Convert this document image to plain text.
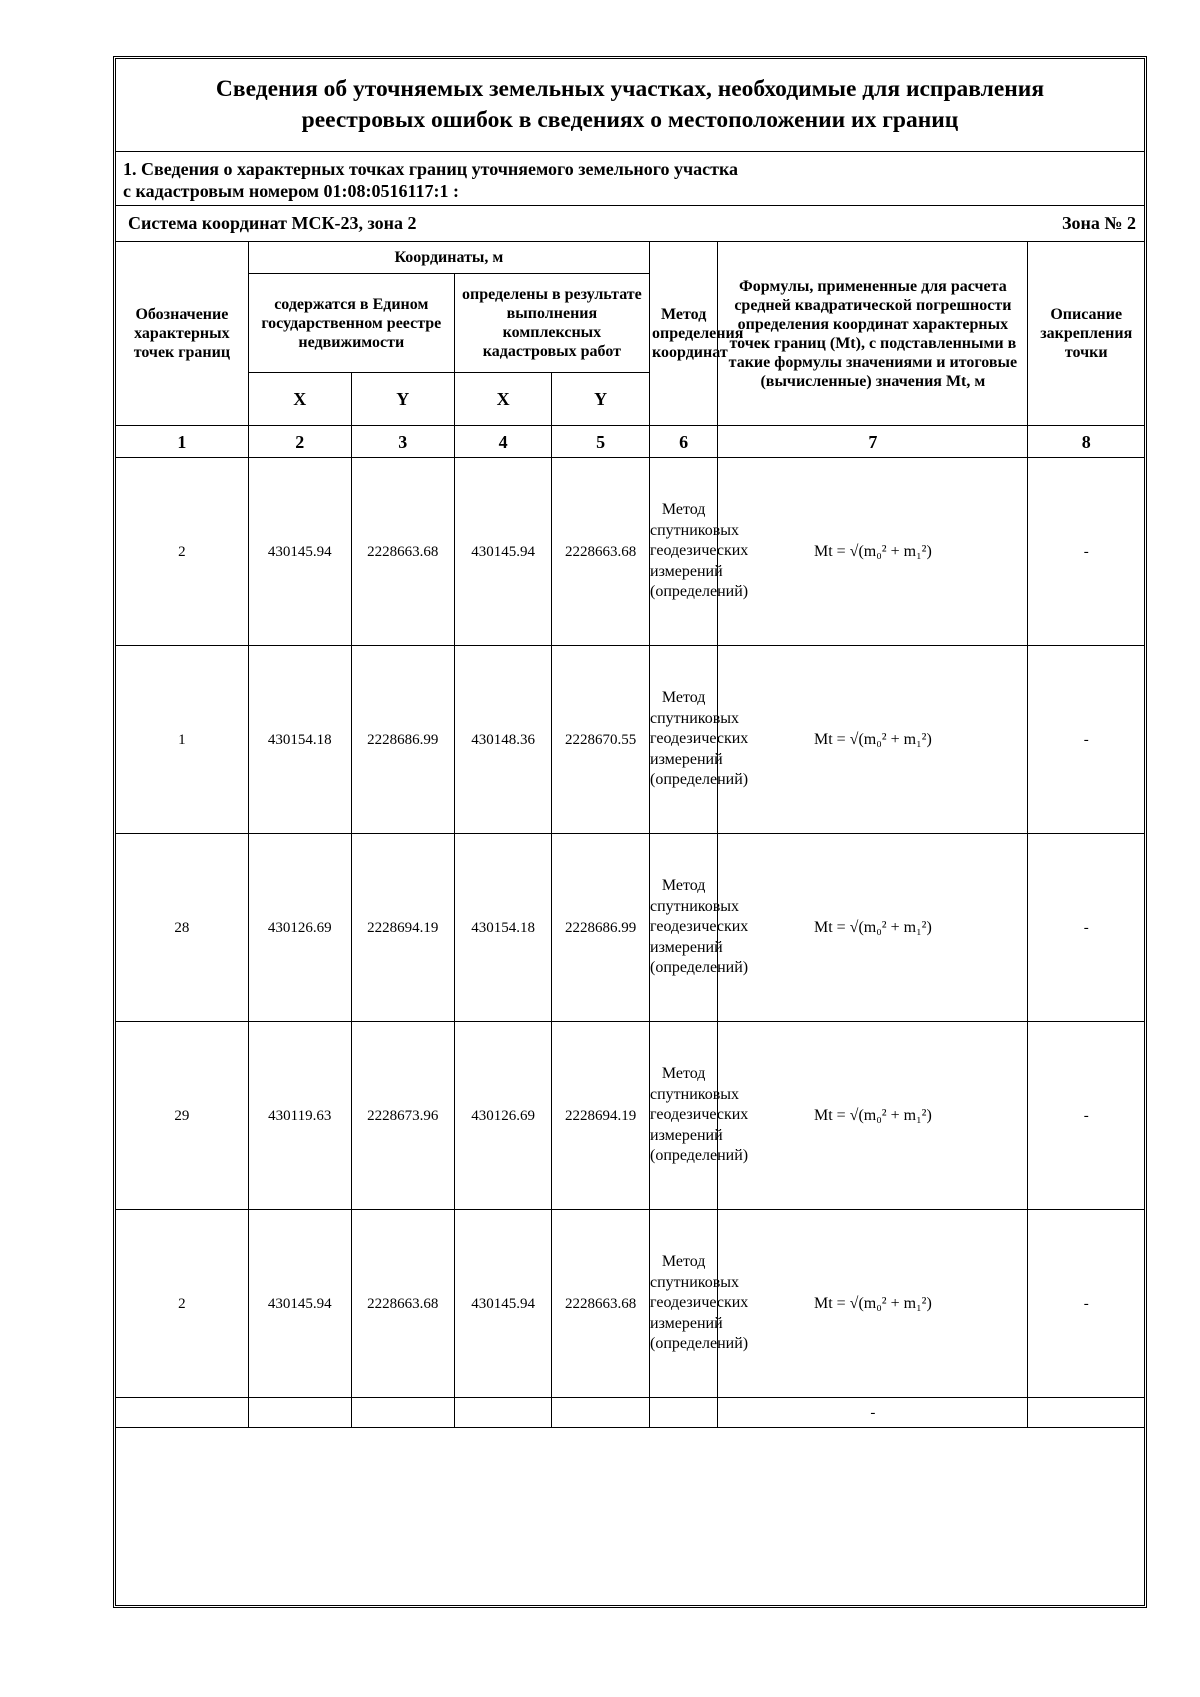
Сведения об уточняемых земельных участках, необходимые для исправления
реестровых ошибок в сведениях о местоположении их границ
1. Сведения о характерных точках границ уточняемого земельного участка
с кадастровым номером 01:08:0516117:1 :
Система координат МСК-23, зона 2	Зона № 2
Обозначение характерных точек границ	Координаты, м				Метод определения координат	Формулы, примененные для расчета средней квадратической погрешности определения координат характерных точек границ (Mt), с подставленными в такие формулы значениями и итоговые (вычисленные) значения Mt, м	Описание закрепления точки
	содержатся в Едином государственном реестре недвижимости		определены в результате выполнения комплексных кадастровых работ				
	X	Y	X	Y			
1	2	3	4	5	6	7	8
2	430145.94	2228663.68	430145.94	2228663.68	Метод спутниковых геодезических измерений (определений)	Mt = √(m₀² + m₁²)	-
1	430154.18	2228686.99	430148.36	2228670.55	Метод спутниковых геодезических измерений (определений)	Mt = √(m₀² + m₁²)	-
28	430126.69	2228694.19	430154.18	2228686.99	Метод спутниковых геодезических измерений (определений)	Mt = √(m₀² + m₁²)	-
29	430119.63	2228673.96	430126.69	2228694.19	Метод спутниковых геодезических измерений (определений)	Mt = √(m₀² + m₁²)	-
2	430145.94	2228663.68	430145.94	2228663.68	Метод спутниковых геодезических измерений (определений)	Mt = √(m₀² + m₁²)	-
						-	
